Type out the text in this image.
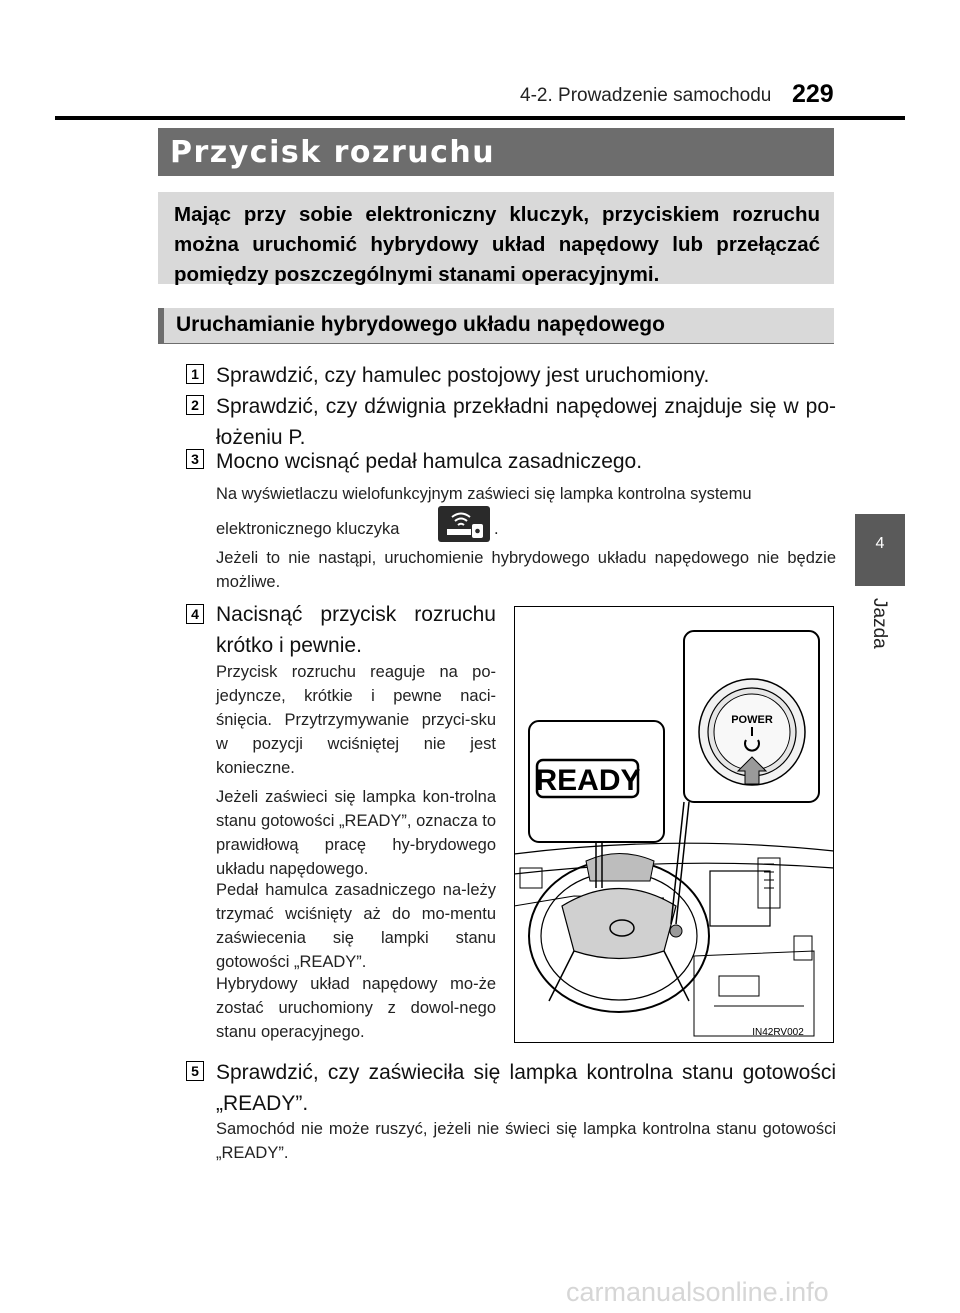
4-2. Prowadzenie samochodu 229
4
Jazda
Przycisk rozruchu

Mając przy sobie elektroniczny kluczyk, przyciskiem rozruchu można uruchomić hybrydowy układ napędowy lub przełączać pomiędzy poszczególnymi stanami operacyjnymi.

Uruchamianie hybrydowego układu napędowego
1 Sprawdzić, czy hamulec postojowy jest uruchomiony.
2 Sprawdzić, czy dźwignia przekładni napędowej znajduje się w po-
łożeniu P.
3 Mocno wcisnąć pedał hamulca zasadniczego.
Na wyświetlaczu wielofunkcyjnym zaświeci się lampka kontrolna systemu
elektronicznego kluczyka	.
Jeżeli to nie nastąpi, uruchomienie hybrydowego układu napędowego nie będzie możliwe.
4 Nacisnąć przycisk rozruchu krótko i pewnie.
Przycisk rozruchu reaguje na po-jedyncze, krótkie i pewne naci-śnięcia. Przytrzymywanie przyci-sku w pozycji wciśniętej nie jest konieczne.
Jeżeli zaświeci się lampka kon-trolna stanu gotowości „READY”, oznacza to prawidłową pracę hy-brydowego układu napędowego.
Pedał hamulca zasadniczego na-leży trzymać wciśnięty aż do mo-mentu zaświecenia się lampki stanu gotowości „READY”.
Hybrydowy układ napędowy mo-że zostać uruchomiony z dowol-nego stanu operacyjnego.
READY
POWER
IN42RV002
5 Sprawdzić, czy zaświeciła się lampka kontrolna stanu gotowości „READY”.
Samochód nie może ruszyć, jeżeli nie świeci się lampka kontrolna stanu gotowości „READY”.
carmanualsonline.info
